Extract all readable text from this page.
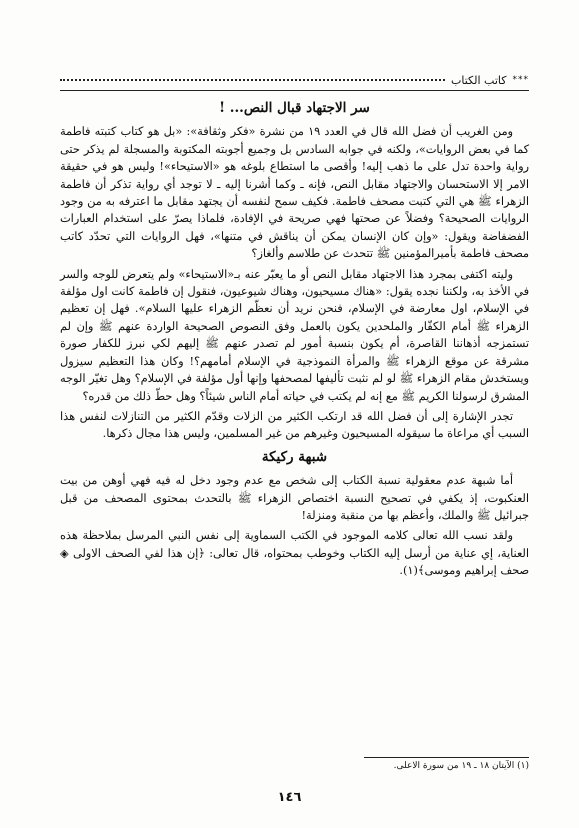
***
كاتب الكتاب
سر الاجتهاد قبال النص... !

ومن الغريب أن فضل الله قال في العدد ١٩ من نشرة «فكر وثقافة»: «بل هو كتاب كتبته فاطمة كما في بعض الروايات»، ولكنه في جوابه السادس بل وجميع أجوبته المكتوبة والمسجلة لم يذكر حتى رواية واحدة تدل على ما ذهب إليه! وأقصى ما استطاع بلوغه هو «الاستيحاء»! وليس هو في حقيقة الامر إلا الاستحسان والاجتهاد مقابل النص، فإنه ـ وكما أشرنا إليه ـ لا توجد أي رواية تذكر أن فاطمة الزهراء ﷺ هي التي كتبت مصحف فاطمة. فكيف سمح لنفسه أن يجتهد مقابل ما اعترفه به من وجود الروايات الصحيحة؟ وفضلاً عن صحتها فهي صريحة في الإفادة، فلماذا يصرّ على استخدام العبارات الفضفاضة ويقول: «وإن كان الإنسان يمكن أن يناقش في متنها»، فهل الروايات التي تحدّد كاتب مصحف فاطمة بأميرالمؤمنين ﷺ تتحدث عن طلاسم وألغاز؟

وليته اكتفى بمجرد هذا الاجتهاد مقابل النص أو ما يعبّر عنه بـ«الاستيحاء» ولم يتعرض للوجه والسر في الأخذ به، ولكننا نجده يقول: «هناك مسيحيون، وهناك شيوعيون، فنقول إن فاطمة كانت اول مؤلفة في الإسلام، اول معارضة في الإسلام، فنحن نريد أن نعظّم الزهراء عليها السلام». فهل إن تعظيم الزهراء ﷺ أمام الكفّار والملحدين يكون بالعمل وفق النصوص الصحيحة الواردة عنهم ﷺ وإن لم تستمزجه أذهاننا القاصرة، أم يكون بنسبة أمور لم تصدر عنهم ﷺ إليهم لكي نبرز للكفار صورة مشرقة عن موقع الزهراء ﷺ والمرأة النموذجية في الإسلام أمامهم؟! وكان هذا التعظيم سيزول ويستخدش مقام الزهراء ﷺ لو لم نثبت تأليفها لمصحفها وإنها أول مؤلفة في الإسلام؟ وهل تغيّر الوجه المشرق لرسولنا الكريم ﷺ مع إنه لم يكتب في حياته أمام الناس شيئاً؟ وهل حطّ ذلك من قدره؟

تجدر الإشارة إلى أن فضل الله قد ارتكب الكثير من الزلات وقدّم الكثير من التنازلات لنفس هذا السبب أي مراعاة ما سيقوله المسيحيون وغيرهم من غير المسلمين، وليس هذا مجال ذكرها.

شبهة ركيكة

أما شبهة عدم معقولية نسبة الكتاب إلى شخص مع عدم وجود دخل له فيه فهي أوهن من بيت العنكبوت، إذ يكفي في تصحيح النسبة اختصاص الزهراء ﷺ بالتحدث بمحتوى المصحف من قبل جبرائيل ﷺ والملك، وأعظم بها من منقبة ومنزلة!

ولقد نسب الله تعالى كلامه الموجود في الكتب السماوية إلى نفس النبي المرسل بملاحظة هذه العناية، إي عناية من أرسل إليه الكتاب وخوطب بمحتواه، قال تعالى: ﴿إن هذا لفي الصحف الاولى ◈ صحف إبراهيم وموسى﴾(١).

(١) الآيتان ١٨ ـ ١٩ من سورة الاعلى.
١٤٦
